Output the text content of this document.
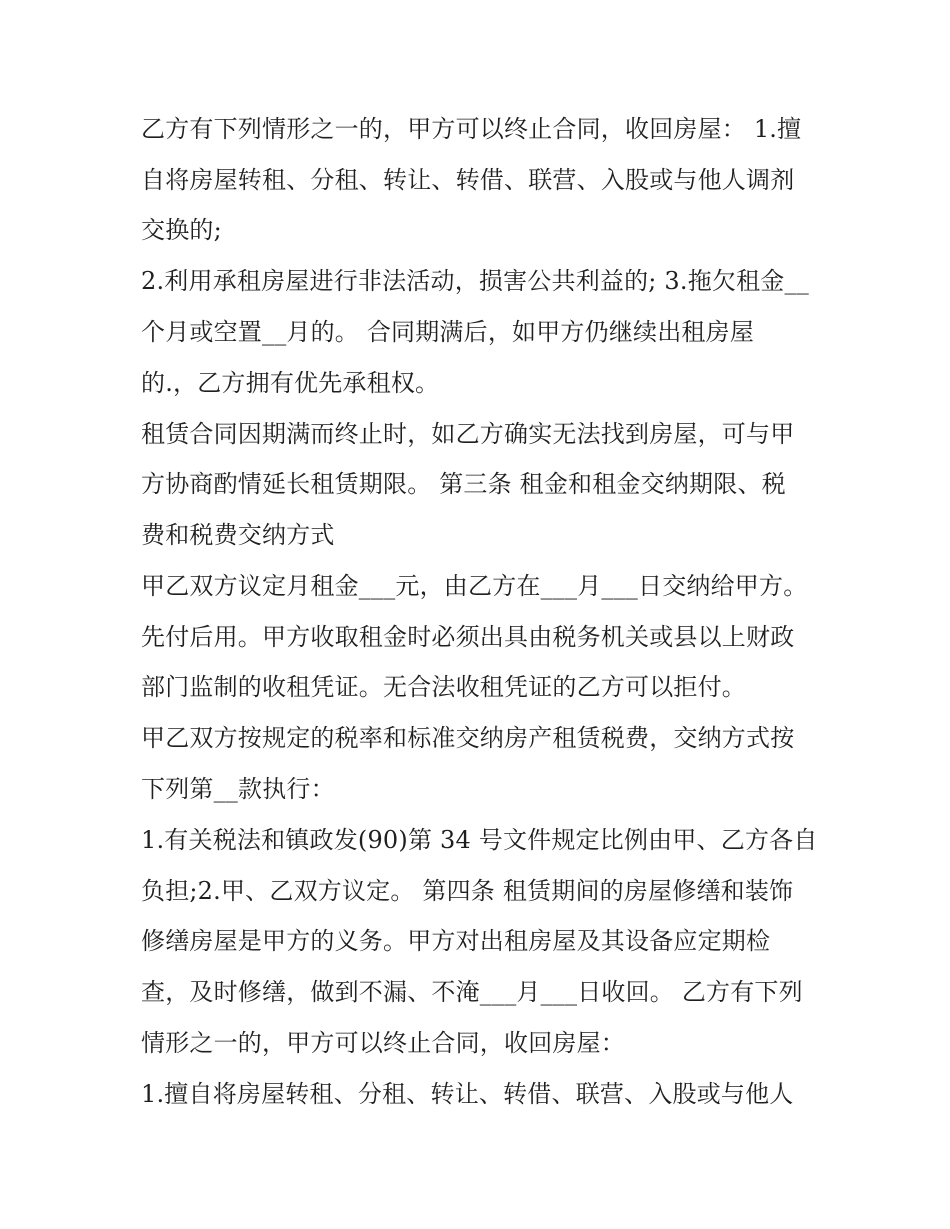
乙方有下列情形之一的，甲方可以终止合同，收回房屋： 1.擅
自将房屋转租、分租、转让、转借、联营、入股或与他人调剂
交换的;
2.利用承租房屋进行非法活动，损害公共利益的; 3.拖欠租金__
个月或空置__月的。 合同期满后，如甲方仍继续出租房屋
的.，乙方拥有优先承租权。
租赁合同因期满而终止时，如乙方确实无法找到房屋，可与甲
方协商酌情延长租赁期限。 第三条 租金和租金交纳期限、税
费和税费交纳方式
甲乙双方议定月租金___元，由乙方在___月___日交纳给甲方。
先付后用。甲方收取租金时必须出具由税务机关或县以上财政
部门监制的收租凭证。无合法收租凭证的乙方可以拒付。
甲乙双方按规定的税率和标准交纳房产租赁税费，交纳方式按
下列第__款执行：
1.有关税法和镇政发(90)第 34 号文件规定比例由甲、乙方各自
负担;2.甲、乙双方议定。 第四条 租赁期间的房屋修缮和装饰
修缮房屋是甲方的义务。甲方对出租房屋及其设备应定期检
查，及时修缮，做到不漏、不淹___月___日收回。 乙方有下列
情形之一的，甲方可以终止合同，收回房屋：
1.擅自将房屋转租、分租、转让、转借、联营、入股或与他人
